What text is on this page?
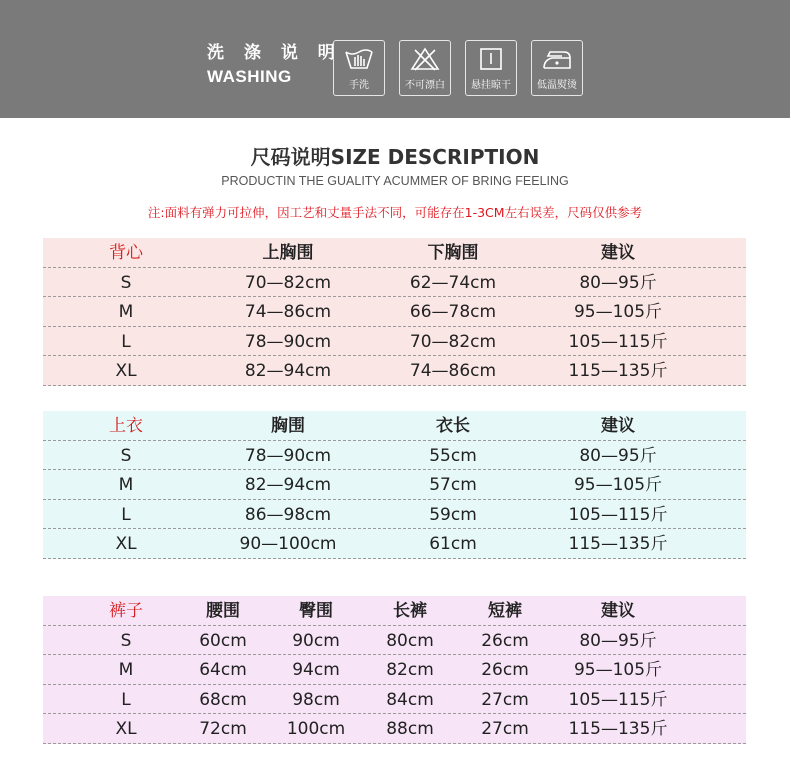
洗 涤 说 明
WASHING	手洗	不可漂白	悬挂晾干	低温熨烫
尺码说明SIZE DESCRIPTION
PRODUCTIN THE GUALITY ACUMMER OF BRING FEELING
注:面料有弹力可拉伸，因工艺和丈量手法不同，可能存在1-3CM左右误差，尺码仅供参考
背心	上胸围	下胸围	建议
S	70—82cm	62—74cm	80—95斤
M	74—86cm	66—78cm	95—105斤
L	78—90cm	70—82cm	105—115斤
XL	82—94cm	74—86cm	115—135斤
上衣	胸围	衣长	建议
S	78—90cm	55cm	80—95斤
M	82—94cm	57cm	95—105斤
L	86—98cm	59cm	105—115斤
XL	90—100cm	61cm	115—135斤
裤子	腰围	臀围	长裤	短裤	建议
S	60cm	90cm	80cm	26cm	80—95斤
M	64cm	94cm	82cm	26cm	95—105斤
L	68cm	98cm	84cm	27cm 105—115斤
XL	72cm 100cm 88cm	27cm 115—135斤
